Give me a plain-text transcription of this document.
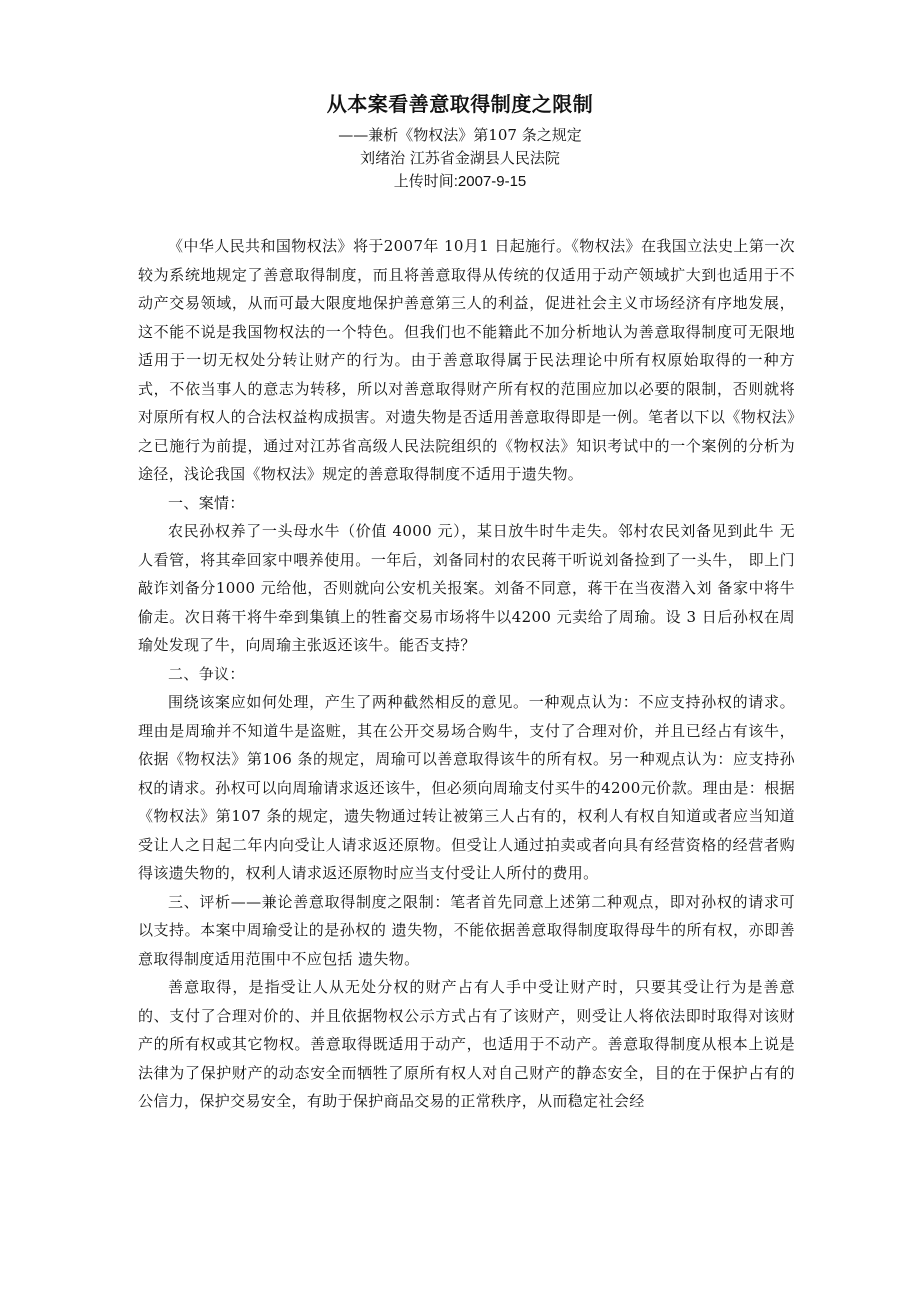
从本案看善意取得制度之限制

——兼析《物权法》第107 条之规定

刘绪治 江苏省金湖县人民法院

上传时间:2007-9-15

《中华人民共和国物权法》将于2007年 10月1 日起施行。《物权法》在我国立法史上第一次较为系统地规定了善意取得制度，而且将善意取得从传统的仅适用于动产领域扩大到也适用于不动产交易领域，从而可最大限度地保护善意第三人的利益，促进社会主义市场经济有序地发展，这不能不说是我国物权法的一个特色。但我们也不能籍此不加分析地认为善意取得制度可无限地适用于一切无权处分转让财产的行为。由于善意取得属于民法理论中所有权原始取得的一种方式，不依当事人的意志为转移，所以对善意取得财产所有权的范围应加以必要的限制，否则就将对原所有权人的合法权益构成损害。对遗失物是否适用善意取得即是一例。笔者以下以《物权法》之已施行为前提，通过对江苏省高级人民法院组织的《物权法》知识考试中的一个案例的分析为途径，浅论我国《物权法》规定的善意取得制度不适用于遗失物。

一、案情：

农民孙权养了一头母水牛（价值 4000 元），某日放牛时牛走失。邻村农民刘备见到此牛 无人看管，将其牵回家中喂养使用。一年后，刘备同村的农民蒋干听说刘备捡到了一头牛， 即上门敲诈刘备分1000 元给他，否则就向公安机关报案。刘备不同意，蒋干在当夜潜入刘 备家中将牛偷走。次日蒋干将牛牵到集镇上的牲畜交易市场将牛以4200 元卖给了周瑜。设 3 日后孙权在周瑜处发现了牛，向周瑜主张返还该牛。能否支持？

二、争议：

围绕该案应如何处理，产生了两种截然相反的意见。一种观点认为：不应支持孙权的请求。理由是周瑜并不知道牛是盗赃，其在公开交易场合购牛，支付了合理对价，并且已经占有该牛，依据《物权法》第106 条的规定，周瑜可以善意取得该牛的所有权。另一种观点认为：应支持孙权的请求。孙权可以向周瑜请求返还该牛，但必须向周瑜支付买牛的4200元价款。理由是：根据《物权法》第107 条的规定，遗失物通过转让被第三人占有的，权利人有权自知道或者应当知道受让人之日起二年内向受让人请求返还原物。但受让人通过拍卖或者向具有经营资格的经营者购得该遗失物的，权利人请求返还原物时应当支付受让人所付的费用。

三、评析——兼论善意取得制度之限制：笔者首先同意上述第二种观点，即对孙权的请求可以支持。本案中周瑜受让的是孙权的 遗失物，不能依据善意取得制度取得母牛的所有权，亦即善意取得制度适用范围中不应包括 遗失物。

善意取得，是指受让人从无处分权的财产占有人手中受让财产时，只要其受让行为是善意的、支付了合理对价的、并且依据物权公示方式占有了该财产，则受让人将依法即时取得对该财产的所有权或其它物权。善意取得既适用于动产，也适用于不动产。善意取得制度从根本上说是法律为了保护财产的动态安全而牺牲了原所有权人对自己财产的静态安全，目的在于保护占有的公信力，保护交易安全，有助于保护商品交易的正常秩序，从而稳定社会经
